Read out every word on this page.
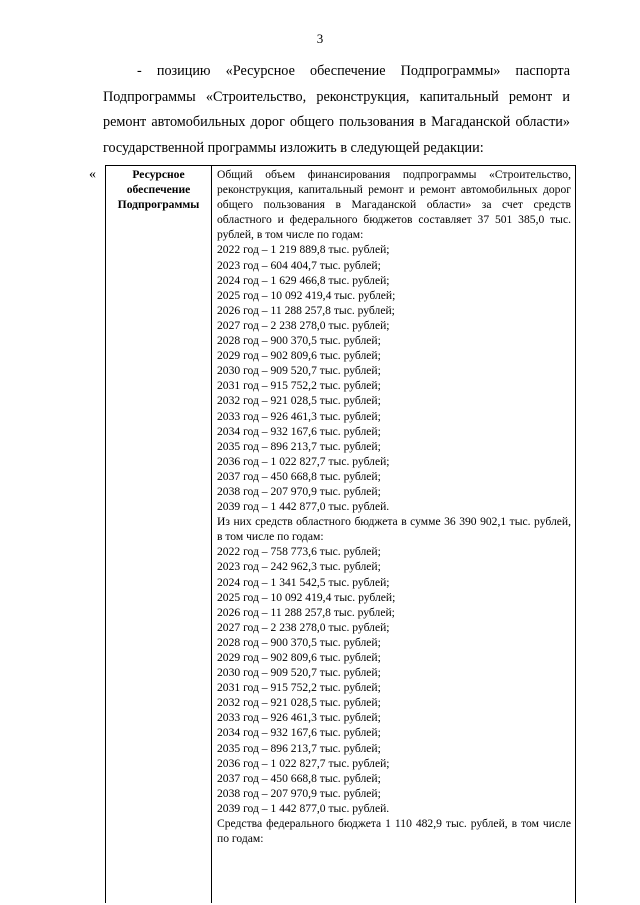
3

- позицию «Ресурсное обеспечение Подпрограммы» паспорта Подпрограммы «Строительство, реконструкция, капитальный ремонт и ремонт автомобильных дорог общего пользования в Магаданской области» государственной программы изложить в следующей редакции:

«	Ресурсное обеспечение Подпрограммы

Общий объем финансирования подпрограммы «Строительство, реконструкция, капитальный ремонт и ремонт автомобильных дорог общего пользования в Магаданской области» за счет средств областного и федерального бюджетов составляет 37 501 385,0 тыс. рублей, в том числе по годам:

2022 год – 1 219 889,8 тыс. рублей;

2023 год – 604 404,7 тыс. рублей;

2024 год – 1 629 466,8 тыс. рублей;

2025 год – 10 092 419,4 тыс. рублей;

2026 год – 11 288 257,8 тыс. рублей;

2027 год – 2 238 278,0 тыс. рублей;

2028 год – 900 370,5 тыс. рублей;

2029 год – 902 809,6 тыс. рублей;

2030 год – 909 520,7 тыс. рублей;

2031 год – 915 752,2 тыс. рублей;

2032 год – 921 028,5 тыс. рублей;

2033 год – 926 461,3 тыс. рублей;

2034 год – 932 167,6 тыс. рублей;

2035 год – 896 213,7 тыс. рублей;

2036 год – 1 022 827,7 тыс. рублей;

2037 год – 450 668,8 тыс. рублей;

2038 год – 207 970,9 тыс. рублей;

2039 год – 1 442 877,0 тыс. рублей.

Из них средств областного бюджета в сумме 36 390 902,1 тыс. рублей, в том числе по годам:

2022 год – 758 773,6 тыс. рублей;

2023 год – 242 962,3 тыс. рублей;

2024 год – 1 341 542,5 тыс. рублей;

2025 год – 10 092 419,4 тыс. рублей;

2026 год – 11 288 257,8 тыс. рублей;

2027 год – 2 238 278,0 тыс. рублей;

2028 год – 900 370,5 тыс. рублей;

2029 год – 902 809,6 тыс. рублей;

2030 год – 909 520,7 тыс. рублей;

2031 год – 915 752,2 тыс. рублей;

2032 год – 921 028,5 тыс. рублей;

2033 год – 926 461,3 тыс. рублей;

2034 год – 932 167,6 тыс. рублей;

2035 год – 896 213,7 тыс. рублей;

2036 год – 1 022 827,7 тыс. рублей;

2037 год – 450 668,8 тыс. рублей;

2038 год – 207 970,9 тыс. рублей;

2039 год – 1 442 877,0 тыс. рублей.

Средства федерального бюджета 1 110 482,9 тыс. рублей, в том числе по годам:
